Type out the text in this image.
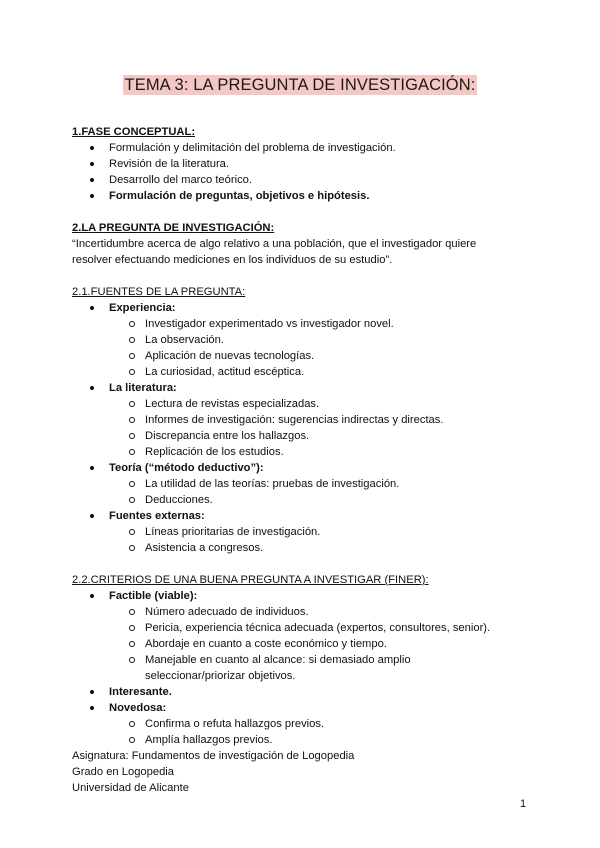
TEMA 3: LA PREGUNTA DE INVESTIGACIÓN:
1.FASE CONCEPTUAL:
Formulación y delimitación del problema de investigación.
Revisión de la literatura.
Desarrollo del marco teórico.
Formulación de preguntas, objetivos e hipótesis.
2.LA PREGUNTA DE INVESTIGACIÓN:
“Incertidumbre acerca de algo relativo a una población, que el investigador quiere
resolver efectuando mediciones en los individuos de su estudio”.
2.1.FUENTES DE LA PREGUNTA:
Experiencia:
Investigador experimentado vs investigador novel.
La observación.
Aplicación de nuevas tecnologías.
La curiosidad, actitud escéptica.
La literatura:
Lectura de revistas especializadas.
Informes de investigación: sugerencias indirectas y directas.
Discrepancia entre los hallazgos.
Replicación de los estudios.
Teoría (“método deductivo”):
La utilidad de las teorías: pruebas de investigación.
Deducciones.
Fuentes externas:
Líneas prioritarias de investigación.
Asistencia a congresos.
2.2.CRITERIOS DE UNA BUENA PREGUNTA A INVESTIGAR (FINER):
Factible (viable):
Número adecuado de individuos.
Pericia, experiencia técnica adecuada (expertos, consultores, senior).
Abordaje en cuanto a coste económico y tiempo.
Manejable en cuanto al alcance: si demasiado amplio
seleccionar/priorizar objetivos.
Interesante.
Novedosa:
Confirma o refuta hallazgos previos.
Amplía hallazgos previos.
Asignatura: Fundamentos de investigación de Logopedia
Grado en Logopedia
Universidad de Alicante
1
